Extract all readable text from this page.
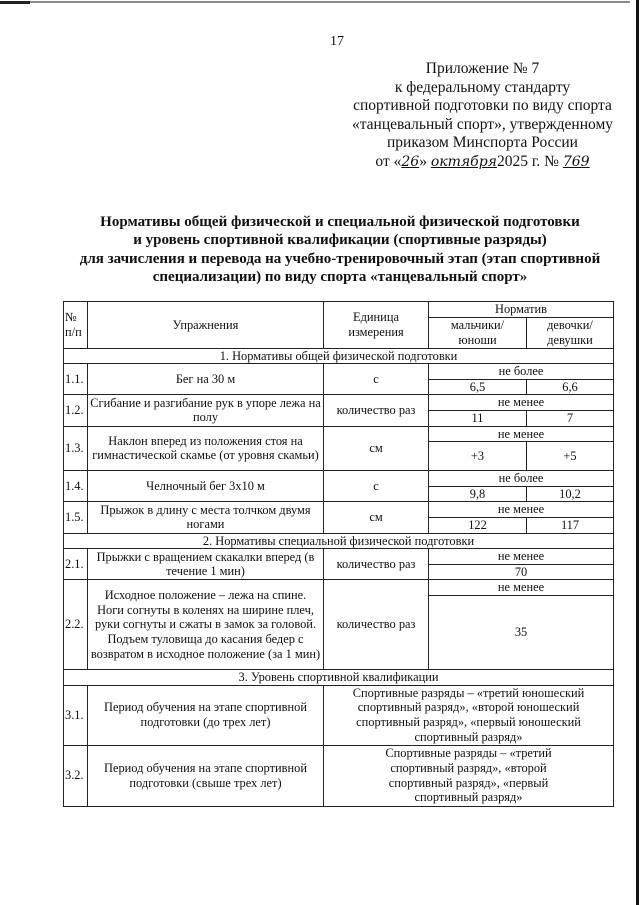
17
Приложение № 7
к федеральному стандарту
спортивной подготовки по виду спорта
«танцевальный спорт», утвержденному
приказом Минспорта России
от «26» октября2025 г. № 769
Нормативы общей физической и специальной физической подготовки
и уровень спортивной квалификации (спортивные разряды)
для зачисления и перевода на учебно-тренировочный этап (этап спортивной
специализации) по виду спорта «танцевальный спорт»
№ п/п	Упражнения	Единица измерения	Норматив	
			мальчики/ юноши	девочки/ девушки
1. Нормативы общей физической подготовки				
1.1.	Бег на 30 м	с	не более	
			6,5	6,6
1.2.	Сгибание и разгибание рук в упоре лежа на полу	количество раз	не менее	
			11	7
1.3.	Наклон вперед из положения стоя на гимнастической скамье (от уровня скамьи)	см	не менее	
			+3	+5
1.4.	Челночный бег 3х10 м	с	не более	
			9,8	10,2
1.5.	Прыжок в длину с места толчком двумя ногами	см	не менее	
			122	117
2. Нормативы специальной физической подготовки				
2.1.	Прыжки с вращением скакалки вперед (в течение 1 мин)	количество раз	не менее	
			70	
2.2.	Исходное положение – лежа на спине. Ноги согнуты в коленях на ширине плеч, руки согнуты и сжаты в замок за головой. Подъем туловища до касания бедер с возвратом в исходное положение (за 1 мин)	количество раз	не менее	
			35	
3. Уровень спортивной квалификации				
3.1.	Период обучения на этапе спортивной подготовки (до трех лет)	Спортивные разряды – «третий юношеский спортивный разряд», «второй юношеский спортивный разряд», «первый юношеский спортивный разряд»		
3.2.	Период обучения на этапе спортивной подготовки (свыше трех лет)	Спортивные разряды – «третий спортивный разряд», «второй спортивный разряд», «первый спортивный разряд»		
